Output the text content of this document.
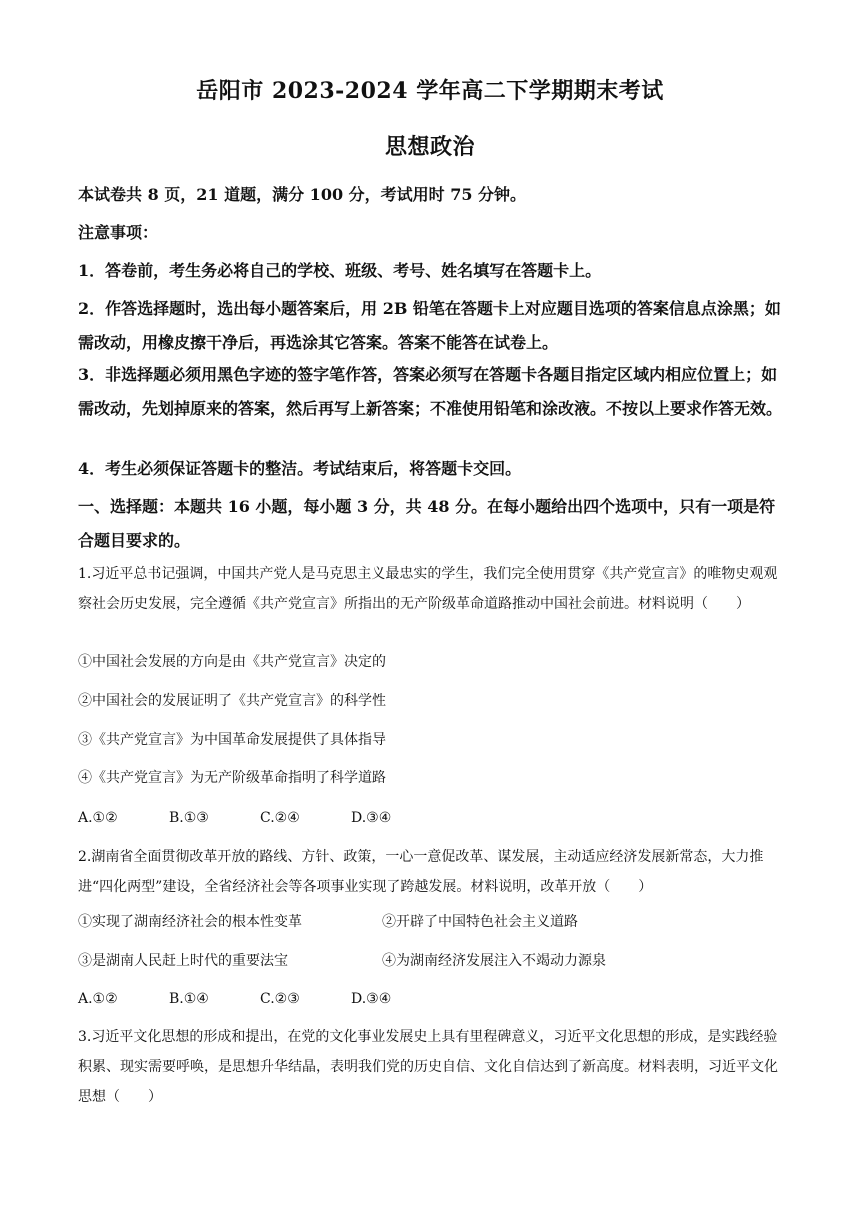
岳阳市 2023-2024 学年高二下学期期末考试
思想政治
本试卷共 8 页，21 道题，满分 100 分，考试用时 75 分钟。
注意事项：
1．答卷前，考生务必将自己的学校、班级、考号、姓名填写在答题卡上。
2．作答选择题时，选出每小题答案后，用 2B 铅笔在答题卡上对应题目选项的答案信息点涂黑；如需改动，用橡皮擦干净后，再选涂其它答案。答案不能答在试卷上。
3．非选择题必须用黑色字迹的签字笔作答，答案必须写在答题卡各题目指定区域内相应位置上；如需改动，先划掉原来的答案，然后再写上新答案；不准使用铅笔和涂改液。不按以上要求作答无效。
4．考生必须保证答题卡的整洁。考试结束后，将答题卡交回。
一、选择题：本题共 16 小题，每小题 3 分，共 48 分。在每小题给出四个选项中，只有一项是符合题目要求的。
1.习近平总书记强调，中国共产党人是马克思主义最忠实的学生，我们完全使用贯穿《共产党宣言》的唯物史观观察社会历史发展，完全遵循《共产党宣言》所指出的无产阶级革命道路推动中国社会前进。材料说明（　　）
①中国社会发展的方向是由《共产党宣言》决定的
②中国社会的发展证明了《共产党宣言》的科学性
③《共产党宣言》为中国革命发展提供了具体指导
④《共产党宣言》为无产阶级革命指明了科学道路
A.①②	B.①③	C.②④	D.③④
2.湖南省全面贯彻改革开放的路线、方针、政策，一心一意促改革、谋发展，主动适应经济发展新常态，大力推进“四化两型”建设，全省经济社会等各项事业实现了跨越发展。材料说明，改革开放（　　）
①实现了湖南经济社会的根本性变革	②开辟了中国特色社会主义道路
③是湖南人民赶上时代的重要法宝	④为湖南经济发展注入不竭动力源泉
A.①②	B.①④	C.②③	D.③④
3.习近平文化思想的形成和提出，在党的文化事业发展史上具有里程碑意义，习近平文化思想的形成，是实践经验积累、现实需要呼唤，是思想升华结晶，表明我们党的历史自信、文化自信达到了新高度。材料表明，习近平文化思想（　　）
